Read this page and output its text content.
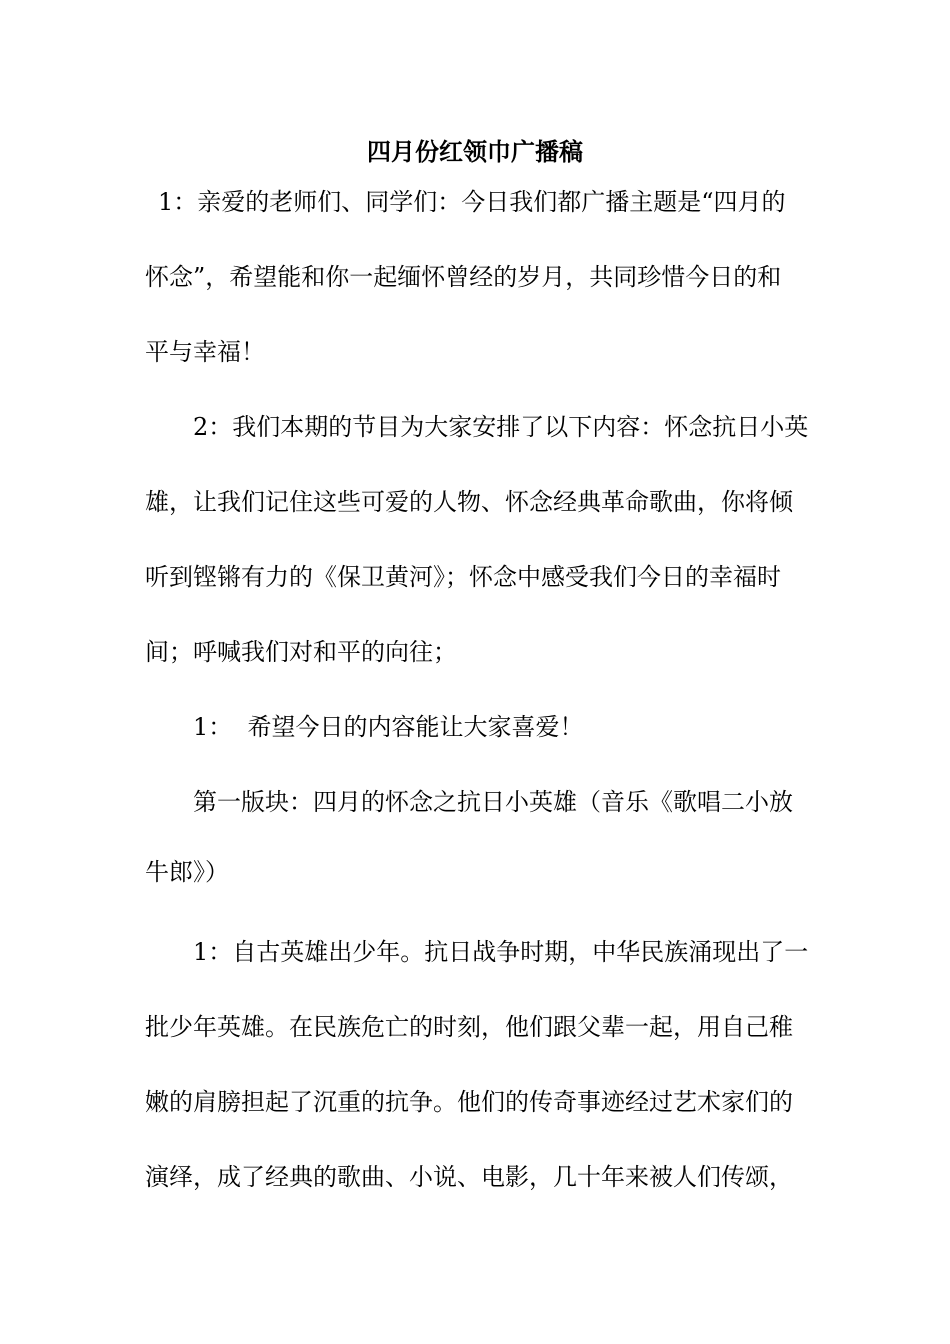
四月份红领巾广播稿
1：亲爱的老师们、同学们：今日我们都广播主题是“四月的
怀念”，希望能和你一起缅怀曾经的岁月，共同珍惜今日的和
平与幸福！
2：我们本期的节目为大家安排了以下内容：怀念抗日小英
雄，让我们记住这些可爱的人物、怀念经典革命歌曲，你将倾
听到铿锵有力的《保卫黄河》；怀念中感受我们今日的幸福时
间；呼喊我们对和平的向往；
1：  希望今日的内容能让大家喜爱！
第一版块：四月的怀念之抗日小英雄（音乐《歌唱二小放
牛郎》）
1：自古英雄出少年。抗日战争时期，中华民族涌现出了一
批少年英雄。在民族危亡的时刻，他们跟父辈一起，用自己稚
嫩的肩膀担起了沉重的抗争。他们的传奇事迹经过艺术家们的
演绎，成了经典的歌曲、小说、电影，几十年来被人们传颂，
